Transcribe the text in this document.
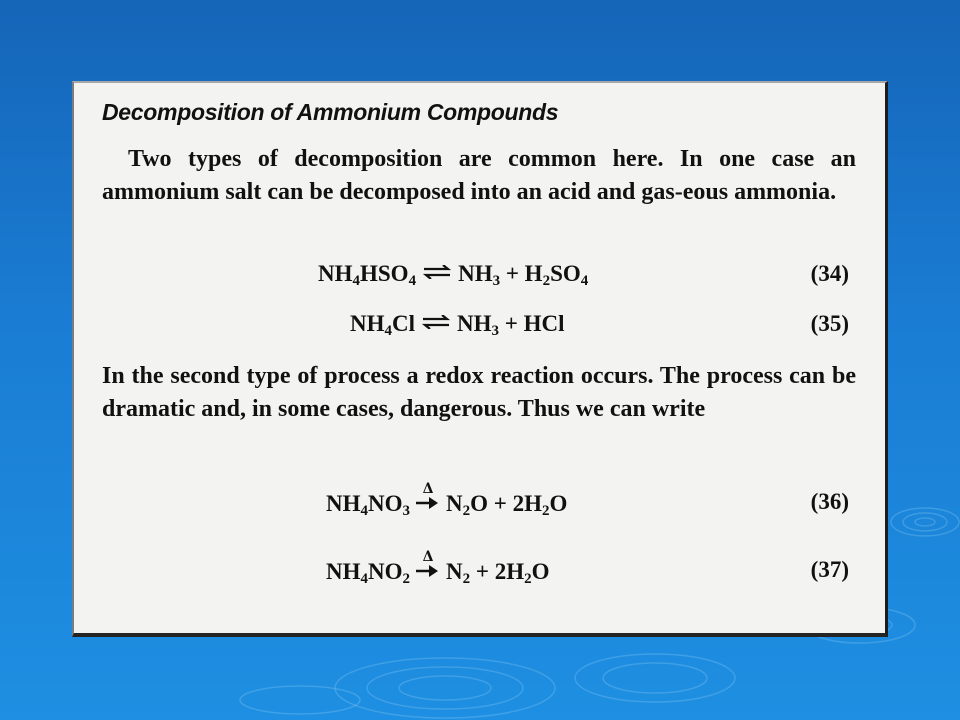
Decomposition of Ammonium Compounds

Two types of decomposition are common here. In one case an ammonium salt can be decomposed into an acid and gas-eous ammonia.

$NH_4HSO_4$ ⇌ $NH_3 + H_2SO_4$	(34)
$NH_4Cl$ ⇌ $NH_3$ + HCl	(35)

In the second type of process a redox reaction occurs. The process can be dramatic and, in some cases, dangerous. Thus we can write

$NH_4NO_3$
Δ
$N_2O + 2H_2O$	(36)
$NH_4NO_2$
Δ
$N_2 + 2H_2O$	(37)
